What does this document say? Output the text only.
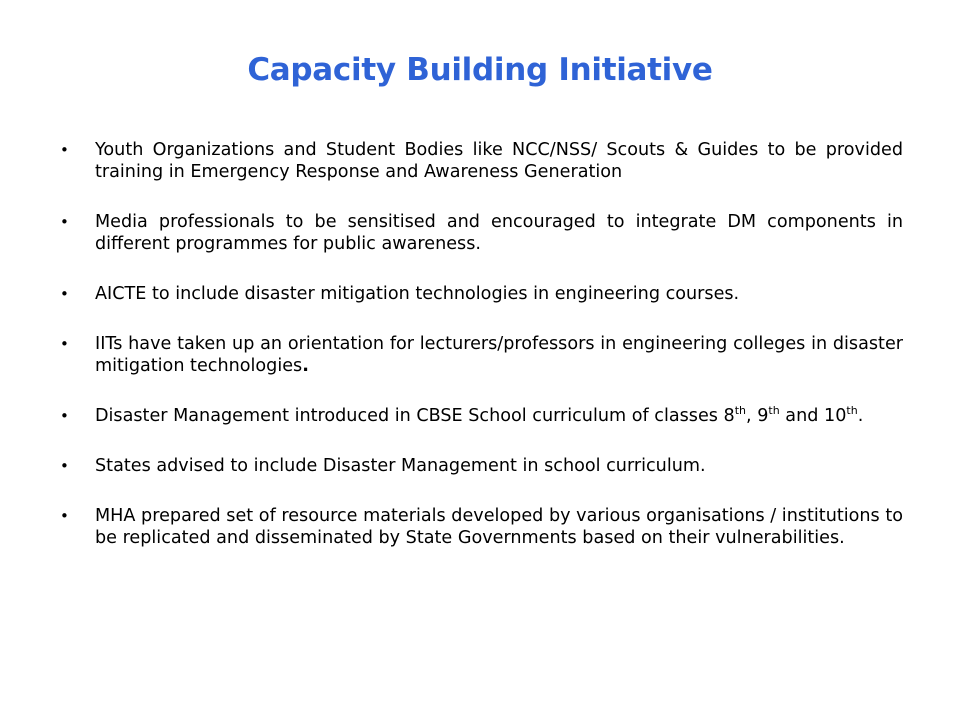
Capacity Building Initiative
• Youth Organizations and Student Bodies like NCC/NSS/ Scouts & Guides to be provided training in Emergency Response and Awareness Generation
• Media professionals to be sensitised and encouraged to integrate DM components in different programmes for public awareness.
• AICTE to include disaster mitigation technologies in engineering courses.
• IITs have taken up an orientation for lecturers/professors in engineering colleges in disaster mitigation technologies.
• Disaster Management introduced in CBSE School curriculum of classes 8th, 9th and 10th.
• States advised to include Disaster Management in school curriculum.
• MHA prepared set of resource materials developed by various organisations / institutions to be replicated and disseminated by State Governments based on their vulnerabilities.
